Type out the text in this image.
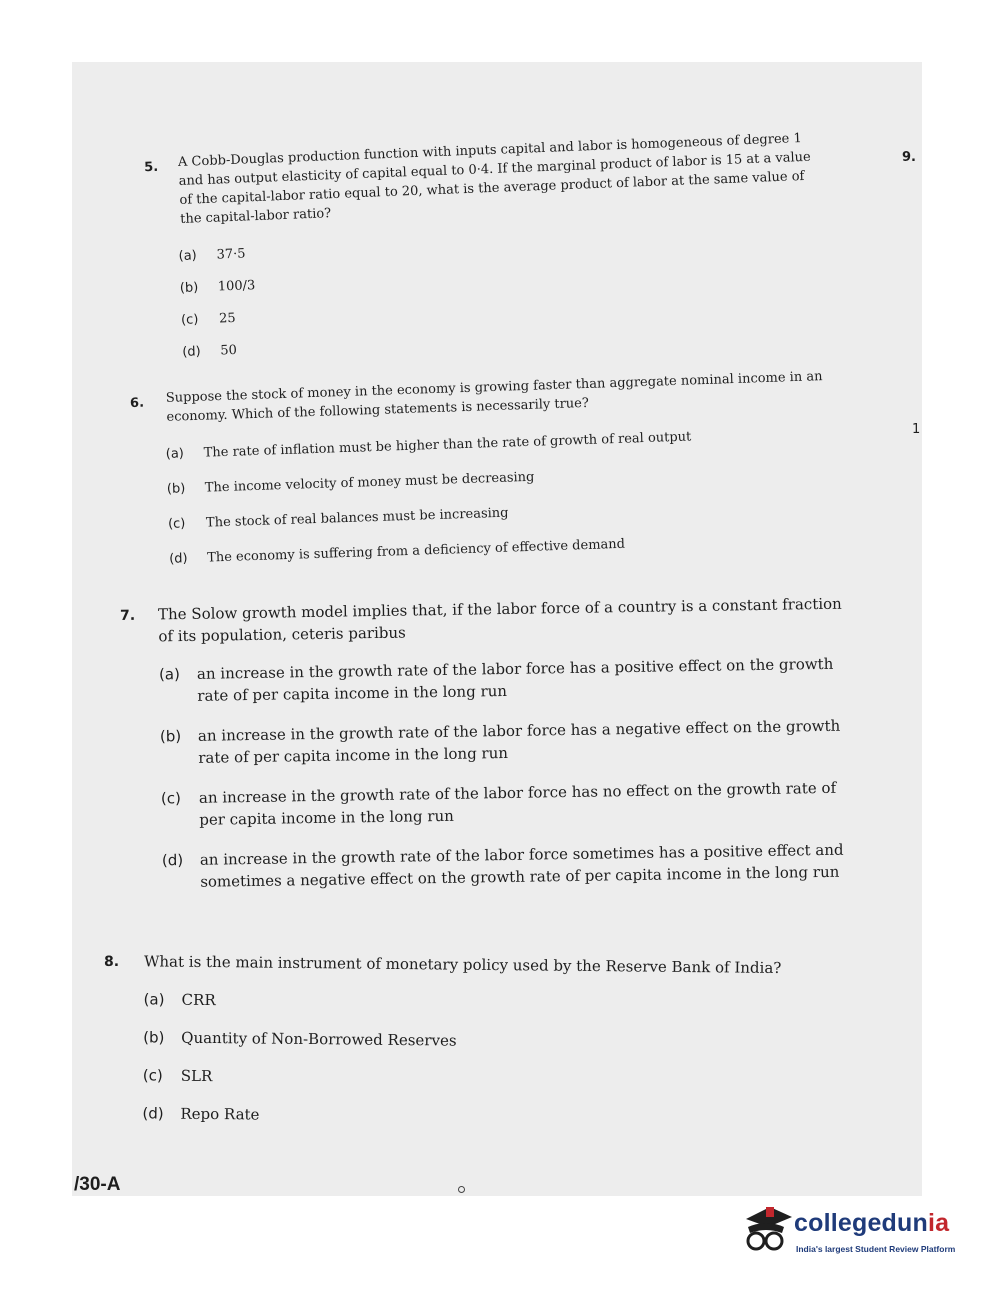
5. A Cobb-Douglas production function with inputs capital and labor is homogeneous of degree 1 and has output elasticity of capital equal to 0·4. If the marginal product of labor is 15 at a value of the capital-labor ratio equal to 20, what is the average product of labor at the same value of the capital-labor ratio?
(a) 37·5
(b) 100/3
(c) 25
(d) 50
6. Suppose the stock of money in the economy is growing faster than aggregate nominal income in an economy. Which of the following statements is necessarily true?
(a) The rate of inflation must be higher than the rate of growth of real output
(b) The income velocity of money must be decreasing
(c) The stock of real balances must be increasing
(d) The economy is suffering from a deficiency of effective demand
7. The Solow growth model implies that, if the labor force of a country is a constant fraction of its population, ceteris paribus
(a)	an increase in the growth rate of the labor force has a positive effect on the growth rate of per capita income in the long run
(b)	an increase in the growth rate of the labor force has a negative effect on the growth rate of per capita income in the long run
(c)	an increase in the growth rate of the labor force has no effect on the growth rate of per capita income in the long run
(d)	an increase in the growth rate of the labor force sometimes has a positive effect and sometimes a negative effect on the growth rate of per capita income in the long run
8. What is the main instrument of monetary policy used by the Reserve Bank of India?
(a) CRR
(b) Quantity of Non-Borrowed Reserves
(c) SLR
(d) Repo Rate
9.
1
/30-A
collegedunia
India's largest Student Review Platform
